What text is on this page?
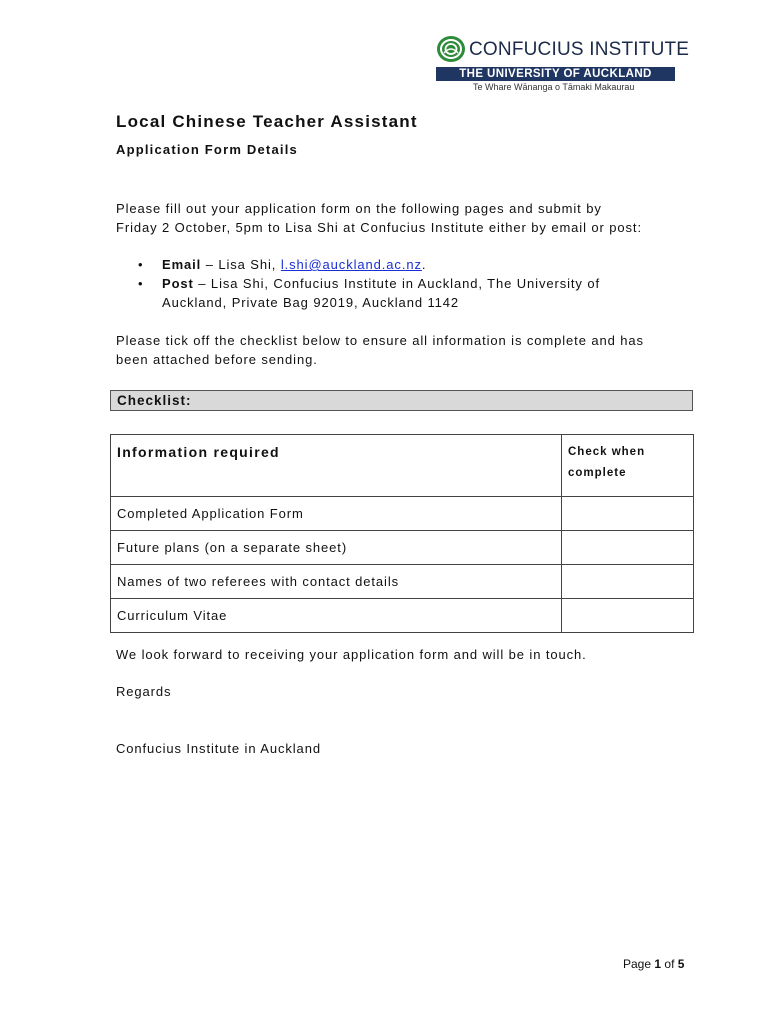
CONFUCIUS INSTITUTE
THE UNIVERSITY OF AUCKLAND
Te Whare Wānanga o Tāmaki Makaurau
Local Chinese Teacher Assistant
Application Form Details
Please fill out your application form on the following pages and submit by
Friday 2 October, 5pm to Lisa Shi at Confucius Institute either by email or post:
• Email – Lisa Shi, l.shi@auckland.ac.nz.
• Post – Lisa Shi, Confucius Institute in Auckland, The University of
Auckland, Private Bag 92019, Auckland 1142
Please tick off the checklist below to ensure all information is complete and has
been attached before sending.
Checklist:
Information required	Check when
complete

Completed Application Form	
Future plans (on a separate sheet)	
Names of two referees with contact details	
Curriculum Vitae	
We look forward to receiving your application form and will be in touch.
Regards
Confucius Institute in Auckland
Page 1 of 5
